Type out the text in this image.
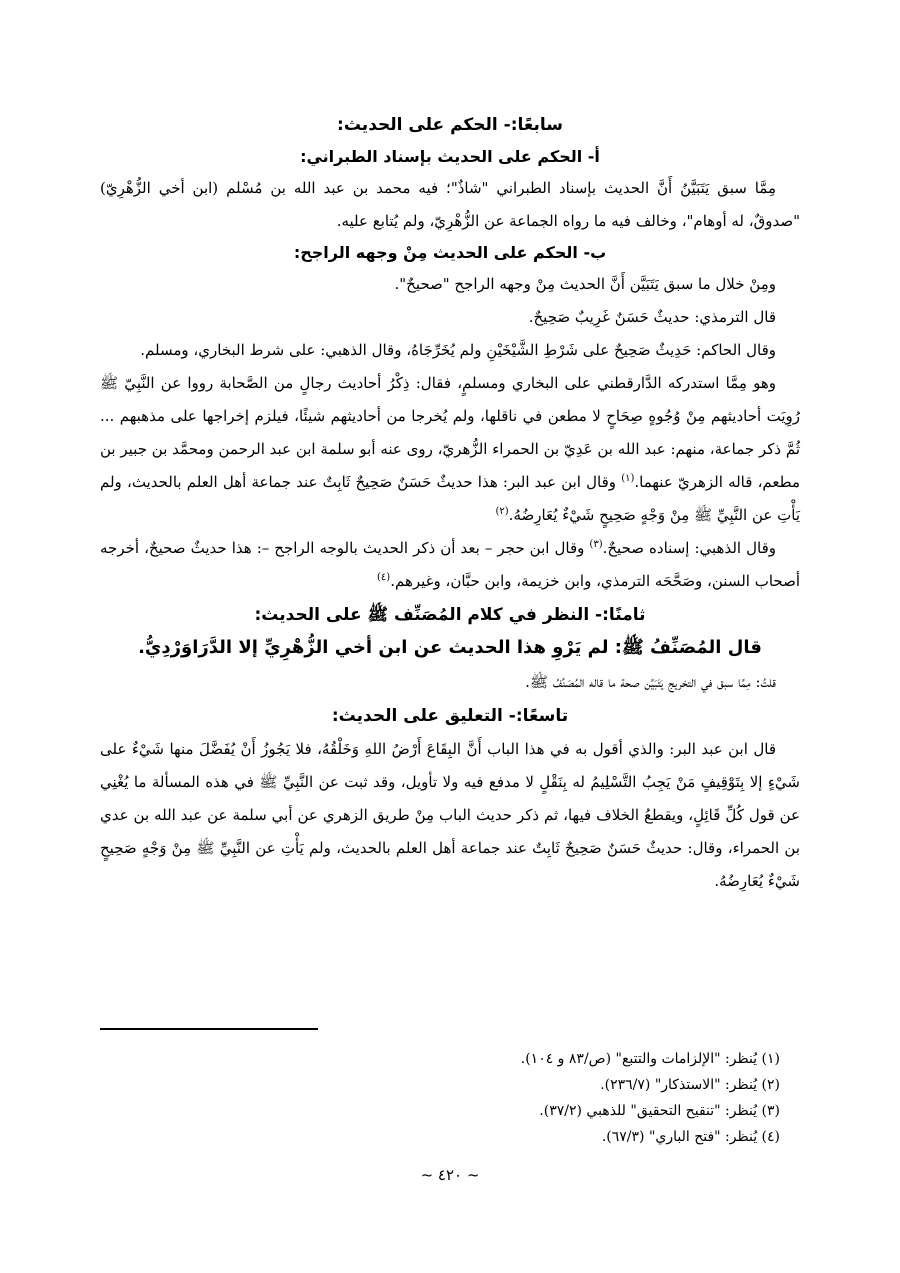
سابعًا:- الحكم على الحديث:
أ- الحكم على الحديث بإسناد الطبراني:

مِمَّا سبق يَتَبَيَّنُ أَنَّ الحديث بإسناد الطبراني "شاذٌ"؛ فيه محمد بن عبد الله بن مُسْلم (ابن أخي الزُّهْرِيّ) "صدوقٌ، له أوهام"، وخالف فيه ما رواه الجماعة عن الزُّهْرِيّ، ولم يُتابع عليه.

ب- الحكم على الحديث مِنْ وجهه الراجح:

ومِنْ خلال ما سبق يَتَبَيَّن أَنَّ الحديث مِنْ وجهه الراجح "صحيحٌ".

قال الترمذي: حديثٌ حَسَنٌ غَرِيبٌ صَحِيحٌ.

وقال الحاكم: حَدِيثٌ صَحِيحٌ على شَرْطِ الشَّيْخَيْنِ ولم يُخَرِّجَاهُ، وقال الذهبي: على شرط البخاري، ومسلم.

وهو مِمَّا استدركه الدَّارقطني على البخاري ومسلمٍ، فقال: ذِكْرُ أحاديث رجالٍ من الصَّحابة رووا عن النَّبِيّ ﷺ رُوِيَت أحاديثهم مِنْ وُجُوهٍ صِحَاحٍ لا مطعن في ناقلها، ولم يُخرجا من أحاديثهم شيئًا، فيلزم إخراجها على مذهبهم ... ثُمَّ ذكر جماعة، منهم: عبد الله بن عَدِيّ بن الحمراء الزُّهريّ، روى عنه أبو سلمة ابن عبد الرحمن ومحمَّد بن جبير بن مطعم، قاله الزهريّ عنهما.$^{(١)}$ وقال ابن عبد البر: هذا حديثٌ حَسَنٌ صَحِيحٌ ثَابِتٌ عند جماعة أهل العلم بالحديث، ولم يَأْتِ عن النَّبِيِّ ﷺ مِنْ وَجْهٍ صَحِيحٍ شَيْءٌ يُعَارِضُهُ.$^{(٢)}$

وقال الذهبي: إسناده صحيحٌ.$^{(٣)}$ وقال ابن حجر – بعد أن ذكر الحديث بالوجه الراجح –: هذا حديثٌ صحيحٌ، أخرجه أصحاب السنن، وصَحَّحَه الترمذي، وابن خزيمة، وابن حبَّان، وغيرهم.$^{(٤)}$

ثامنًا:- النظر في كلام المُصَنِّف ﷺ على الحديث:
قال المُصَنِّفُ ﷺ: لم يَرْوِ هذا الحديث عن ابن أخي الزُّهْرِيِّ إلا الدَّرَاوَرْدِيُّ.

قلتُ: مِمَّا سبق في التخريج يَتَبَيَّن صحة ما قاله المُصَنِّفُ ﷺ.

تاسعًا:- التعليق على الحديث:

قال ابن عبد البر: والذي أقول به في هذا الباب أَنَّ البِقَاعَ أَرْضُ اللهِ وَخَلْقُهُ، فلا يَجُوزُ أَنْ يُفَضَّلَ منها شَيْءٌ على شَيْءٍ إلا بِتَوْقِيفٍ مَنْ يَجِبُ التَّسْلِيمُ له بِنَقْلٍ لا مدفع فيه ولا تأويل، وقد ثبت عن النَّبِيِّ ﷺ في هذه المسألة ما يُغْنِي عن قول كُلِّ قَائِلٍ، ويقطعُ الخلاف فيها، ثم ذكر حديث الباب مِنْ طريق الزهري عن أبي سلمة عن عبد الله بن عدي بن الحمراء، وقال: حديثٌ حَسَنٌ صَحِيحٌ ثَابِتٌ عند جماعة أهل العلم بالحديث، ولم يَأْتِ عن النَّبِيِّ ﷺ مِنْ وَجْهٍ صَحِيحٍ شَيْءٌ يُعَارِضُهُ.

(١) يُنظر: "الإلزامات والتتبع" (ص/٨٣ و ١٠٤).

(٢) يُنظر: "الاستذكار" (٢٣٦/٧).

(٣) يُنظر: "تنقيح التحقيق" للذهبي (٣٧/٢).

(٤) يُنظر: "فتح الباري" (٦٧/٣).

~ ٤٢٠ ~
